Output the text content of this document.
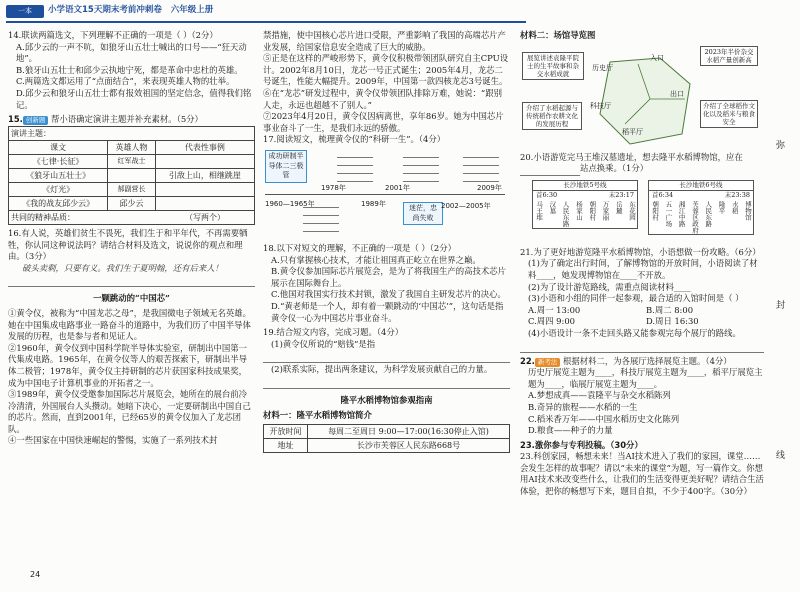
一本	小学语文15天期末考前冲刺卷 六年级上册
14.联读两篇选文，下列理解不正确的一项是（ ）（2分）
A.邱少云的一声不吭，如狼牙山五壮士喊出的口号——“狂天动地”。
B.狼牙山五壮士和邱少云执地宁死，都是革命中忠杜的英雄。
C.两篇选文都运用了“点面结合”，来表现英雄人物的壮举。
D.邱少云和狼牙山五壮士都有报效祖国的坚定信念，值得我们铭记。
15. 创新题 帮小语确定演讲主题并补充素材。（5分）
演讲主题：		
课文	英雄人物	代表性事例
《七律·长征》	红军战士	
《狼牙山五壮士》		引敌上山，相继跳崖
《灯光》	郝副营长	
《我的战友邱少云》	邱少云	
共同的精神品质： （写两个）		
16.有人说，英雄们贫生不畏死，我们生于和平年代，不再需要牺牲，你认同这种说法吗？请结合材料及选文，说说你的观点和理由。（3分）
破头卖剩，只要有义。我们生于夏明翰，还有后来人！
一颗跳动的“中国芯”
①黄令仪，被称为“中国龙芯之母”，是我国微电子领域无名英雄。她在中国集成电路事业一路奋斗的道路中，为我们历了中国半导体发展的历程，也是参与者和见证人。
②1960年，黄令仪到中国科学院半导体实验室，研制出中国第一代集成电路。1965年，在黄令仪等人的艰苦探索下，研制出半导体二极管；1978年，黄令仪主持研制的芯片获国家科技成果奖，成为中国电子计算机事业的开拓者之一。
③1989年，黄令仪受邀参加国际芯片展览会，她所在的展台前冷冷清清，外国展台人头攒动。她暗下决心，一定要研制出中国自己的芯片。然而，直到2001年，已经65岁的黄令仪加入了龙芯团队。
④一些国家在中国快速崛起的警惕，实施了一系列技术封
24
禁措施，使中国核心芯片进口受限，严重影响了我国的高端芯片产业发展，给国家信息安全造成了巨大的威胁。
⑤正是在这样的严峻形势下，黄令仪积极带领团队研究自主CPU设计。2002年8月10日，龙芯一号正式诞生；2005年4月，龙芯二号诞生，性能大幅提升。2009年，中国第一款四核龙芯3号诞生。
⑥在“龙芯”研发过程中，黄令仪带领团队排除万难，她说：“跟别人走，永远也超越不了别人。”
⑦2023年4月20日，黄令仪因病离世，享年86岁。她为中国芯片事业奋斗了一生，是我们永远的骄傲。
17.阅读短文，梳理黄令仪的“科研一生”。（4分）
成功研制半导体二三极管
迷茫，忠尚失败
1960—1965年
1978年
1989年
2001年
2002—2005年
2009年
18.以下对短文的理解，不正确的一项是（ ）（2分）
A.只有掌握核心技术，才能让祖国真正屹立在世界之巅。
B.黄令仪参加国际芯片展览会，是为了将我国生产的高技术芯片展示在国际舞台上。
C.他国对我国实行技术封锁，激发了我国自主研发芯片的决心。
D.“黄老师是一个人，却有着一颗跳动的‘中国芯’”，这句话是指黄令仪一心为中国芯片事业奋斗。
19.结合短文内容，完成习题。（4分）
(1)黄令仪所说的“赔钱”是指
(2)联系实际，提出两条建议，为科学发展贡献自己的力量。
隆平水稻博物馆参观指南
材料一：隆平水稻博物馆简介
开放时间	每周二至周日 9:00—17:00(16:30停止入馆)
地址	长沙市芙蓉区人民东路668号
材料二：场馆导览图
展览讲述袁隆平院士的生平故事和杂交水稻成就
2023年半价杂交水稻产量创新高
介绍了水稻起源与传统稻作农耕文化的发展历程
介绍了全球稻作文化以及稻米与粮食安全
历史厅
入口
科技厅
出口
稻平厅
20.小语游览完马王堆汉墓遗址，想去隆平水稻博物馆，应在
站点换乘。（1分）
长沙地铁5号线
首6:30	末23:17
马王堆 汉墓 人民东路 杨家山 朝阳村 万家丽 岳麓 东花园
长沙地铁6号线
首6:34	末23:38
朝阳村 五一广场 湘江中路 芙蓉区政府 人民东路 隆平 水稻 博物馆
21.为了更好地游览隆平水稻博物馆，小语想做一份攻略。（6分）
(1)为了确定出行时间，了解博物馆的开放时间，小语阅读了材料____，她发现博物馆在____不开放。
(2)为了设计游览路线，需重点阅读材料____
(3)小语和小组的同伴一起参观，最合适的入馆时间是（ ）
A.周一 13:00	B.周二 8:00
C.周四 9:00	D.周日 16:30
(4)小语设计一条不走回头路又能参观完每个展厅的路线。
22. 新考法 根据材料二，为各展厅选择展览主题。（4分）
历史厅展览主题为____，科技厅展览主题为____，稻平厅展览主题为____，临展厅展览主题为____。
A.梦想成真——袁隆平与杂交水稻陈列
B.奇异的旅程——水稻的一生
C.稻米香万年——中国水稻历史文化陈列
D.粮食——种子的力量
23.激你参与专利投稿。（30分）
23.科创家园，畅想未来！当AI技术进入了我们的家园，课堂……会发生怎样的故事呢？请以“未来的课堂”为题，写一篇作文。你想用AI技术来改变些什么，让我们的生活变得更美好呢？请结合生活体验，把你的畅想写下来，题目自拟，不少于400字。（30分）
弥
封
线
